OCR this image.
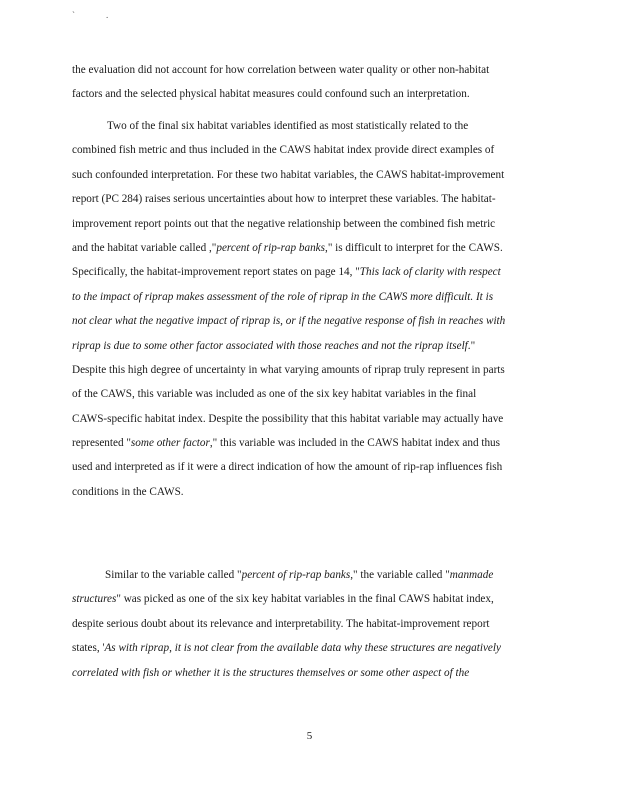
`	.
the evaluation did not account for how correlation between water quality or other non-habitat
factors and the selected physical habitat measures could confound such an interpretation.
Two of the final six habitat variables identified as most statistically related to the
combined fish metric and thus included in the CAWS habitat index provide direct examples of
such confounded interpretation. For these two habitat variables, the CAWS habitat-improvement
report (PC 284) raises serious uncertainties about how to interpret these variables. The habitat-
improvement report points out that the negative relationship between the combined fish metric
and the habitat variable called ,"percent of rip-rap banks," is difficult to interpret for the CAWS.
Specifically, the habitat-improvement report states on page 14, "This lack of clarity with respect
to the impact of riprap makes assessment of the role of riprap in the CAWS more difficult. It is
not clear what the negative impact of riprap is, or if the negative response of fish in reaches with
riprap is due to some other factor associated with those reaches and not the riprap itself."
Despite this high degree of uncertainty in what varying amounts of riprap truly represent in parts
of the CAWS, this variable was included as one of the six key habitat variables in the final
CAWS-specific habitat index. Despite the possibility that this habitat variable may actually have
represented "some other factor," this variable was included in the CAWS habitat index and thus
used and interpreted as if it were a direct indication of how the amount of rip-rap influences fish
conditions in the CAWS.
Similar to the variable called "percent of rip-rap banks," the variable called "manmade
structures" was picked as one of the six key habitat variables in the final CAWS habitat index,
despite serious doubt about its relevance and interpretability. The habitat-improvement report
states, 'As with riprap, it is not clear from the available data why these structures are negatively
correlated with fish or whether it is the structures themselves or some other aspect of the
5
